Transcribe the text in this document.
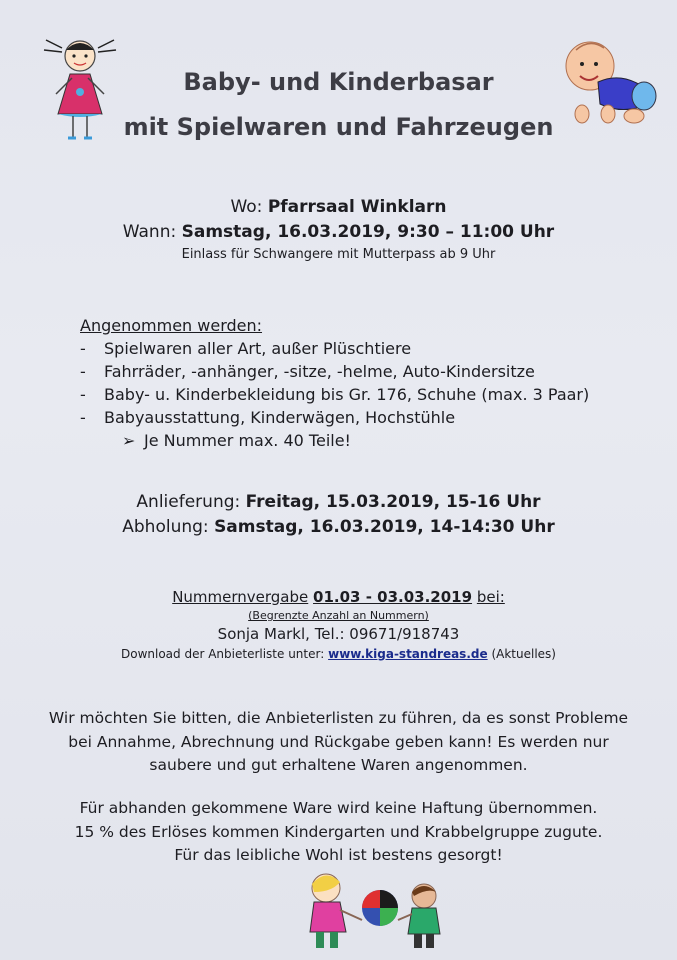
Baby- und Kinderbasar
mit Spielwaren und Fahrzeugen
Wo: Pfarrsaal Winklarn
Wann: Samstag, 16.03.2019, 9:30 – 11:00 Uhr
Einlass für Schwangere mit Mutterpass ab 9 Uhr
Angenommen werden:
- Spielwaren aller Art, außer Plüschtiere
- Fahrräder, -anhänger, -sitze, -helme, Auto-Kindersitze
- Baby- u. Kinderbekleidung bis Gr. 176, Schuhe (max. 3 Paar)
- Babyausstattung, Kinderwägen, Hochstühle
➢ Je Nummer max. 40 Teile!
Anlieferung: Freitag, 15.03.2019, 15-16 Uhr
Abholung: Samstag, 16.03.2019, 14-14:30 Uhr
Nummernvergabe 01.03 - 03.03.2019 bei:
(Begrenzte Anzahl an Nummern)
Sonja Markl, Tel.: 09671/918743
Download der Anbieterliste unter: www.kiga-standreas.de (Aktuelles)
Wir möchten Sie bitten, die Anbieterlisten zu führen, da es sonst Probleme
bei Annahme, Abrechnung und Rückgabe geben kann! Es werden nur
saubere und gut erhaltene Waren angenommen.
Für abhanden gekommene Ware wird keine Haftung übernommen.
15 % des Erlöses kommen Kindergarten und Krabbelgruppe zugute.
Für das leibliche Wohl ist bestens gesorgt!
